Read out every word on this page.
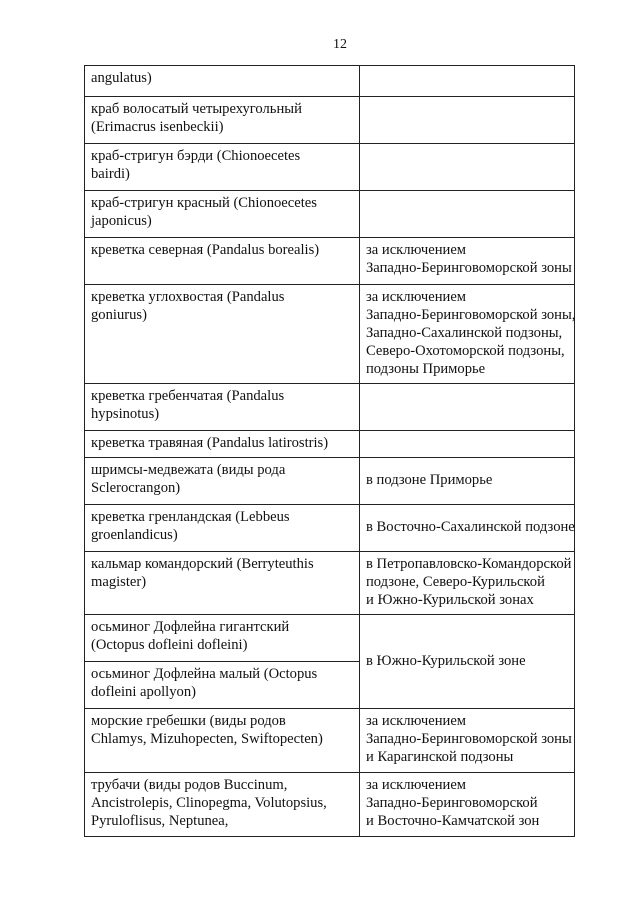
12
angulatus)	

краб волосатый четырехугольный
(Erimacrus isenbeckii)	

краб-стригун бэрди (Chionoecetes
bairdi)	

краб-стригун красный (Chionoecetes
japonicus)	

креветка северная (Pandalus borealis)	за исключением
Западно-Беринговоморской зоны

креветка углохвостая (Pandalus
goniurus)	за исключением
Западно-Беринговоморской зоны,
Западно-Сахалинской подзоны,
Северо-Охотоморской подзоны,
подзоны Приморье

креветка гребенчатая (Pandalus
hypsinotus)	

креветка травяная (Pandalus latirostris)	

шримсы-медвежата (виды рода
Sclerocrangon)	в подзоне Приморье

креветка гренландская (Lebbeus
groenlandicus)	в Восточно-Сахалинской подзоне

кальмар командорский (Berryteuthis
magister)	в Петропавловско-Командорской
подзоне, Северо-Курильской
и Южно-Курильской зонах

осьминог Дофлейна гигантский
(Octopus dofleini dofleini)	в Южно-Курильской зоне

осьминог Дофлейна малый (Octopus
dofleini apollyon)	

морские гребешки (виды родов
Chlamys, Mizuhopecten, Swiftopecten)	за исключением
Западно-Беринговоморской зоны
и Карагинской подзоны

трубачи (виды родов Buccinum,
Ancistrolepis, Clinopegma, Volutopsius,
Pyruloflisus, Neptunea,	за исключением
Западно-Беринговоморской
и Восточно-Камчатской зон
